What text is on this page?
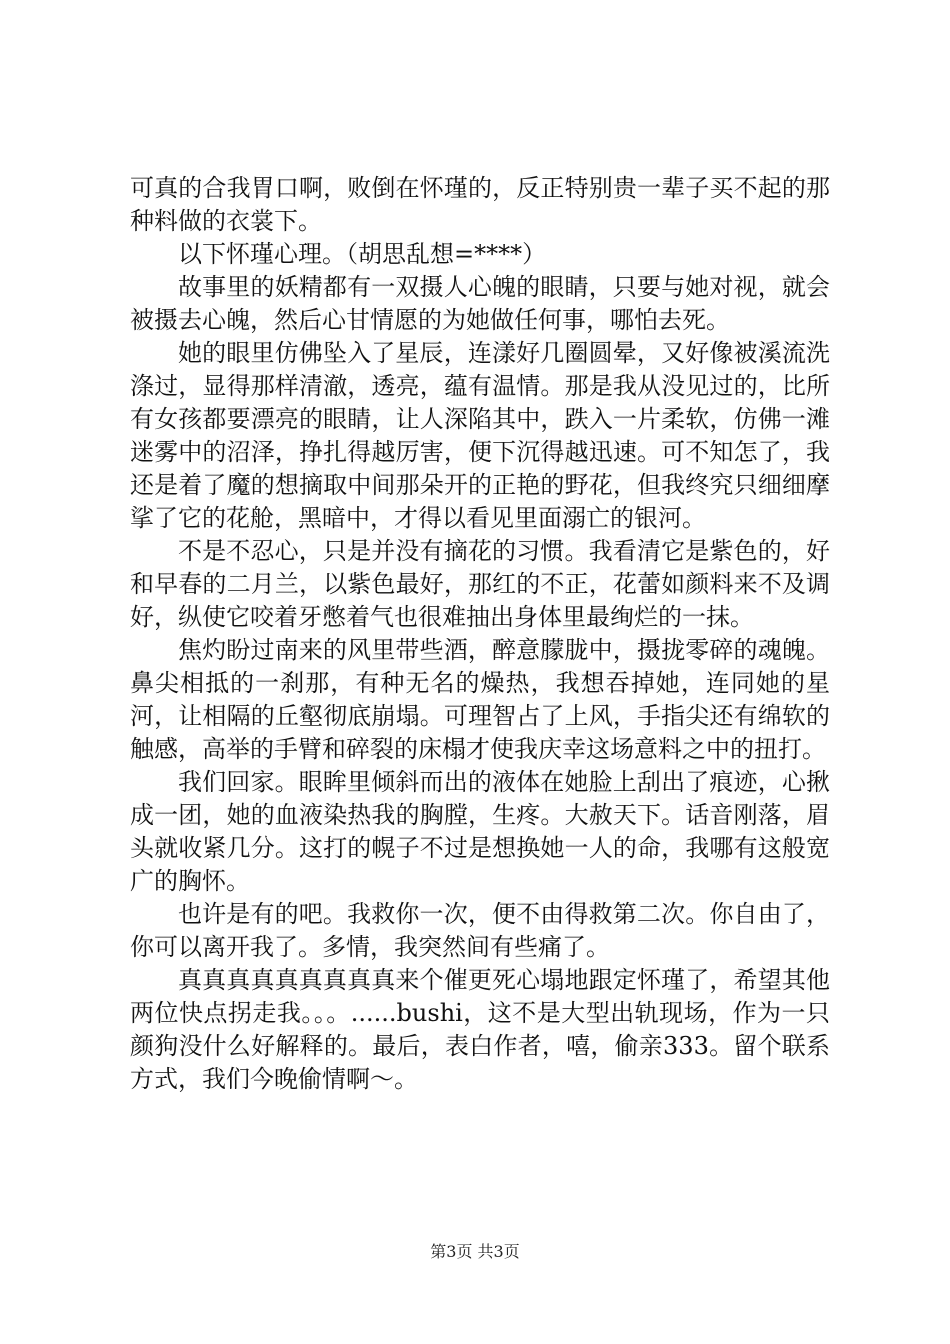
可真的合我胃口啊，败倒在怀瑾的，反正特别贵一辈子买不起的那种料做的衣裳下。

以下怀瑾心理。（胡思乱想=****）

故事里的妖精都有一双摄人心魄的眼睛，只要与她对视，就会被摄去心魄，然后心甘情愿的为她做任何事，哪怕去死。

她的眼里仿佛坠入了星辰，连漾好几圈圆晕，又好像被溪流洗涤过，显得那样清澈，透亮，蕴有温情。那是我从没见过的，比所有女孩都要漂亮的眼睛，让人深陷其中，跌入一片柔软，仿佛一滩迷雾中的沼泽，挣扎得越厉害，便下沉得越迅速。可不知怎了，我还是着了魔的想摘取中间那朵开的正艳的野花，但我终究只细细摩挲了它的花舱，黑暗中，才得以看见里面溺亡的银河。

不是不忍心，只是并没有摘花的习惯。我看清它是紫色的，好和早春的二月兰，以紫色最好，那红的不正，花蕾如颜料来不及调好，纵使它咬着牙憋着气也很难抽出身体里最绚烂的一抹。

焦灼盼过南来的风里带些酒，醉意朦胧中，摄拢零碎的魂魄。鼻尖相抵的一刹那，有种无名的燥热，我想吞掉她，连同她的星河，让相隔的丘壑彻底崩塌。可理智占了上风，手指尖还有绵软的触感，高举的手臂和碎裂的床榻才使我庆幸这场意料之中的扭打。

我们回家。眼眸里倾斜而出的液体在她脸上刮出了痕迹，心揪成一团，她的血液染热我的胸膛，生疼。大赦天下。话音刚落，眉头就收紧几分。这打的幌子不过是想换她一人的命，我哪有这般宽广的胸怀。

也许是有的吧。我救你一次，便不由得救第二次。你自由了，你可以离开我了。多情，我突然间有些痛了。

真真真真真真真真真来个催更死心塌地跟定怀瑾了，希望其他两位快点拐走我。。。......bushi，这不是大型出轨现场，作为一只颜狗没什么好解释的。最后，表白作者，嘻，偷亲333。留个联系方式，我们今晚偷情啊～。

第3页 共3页
